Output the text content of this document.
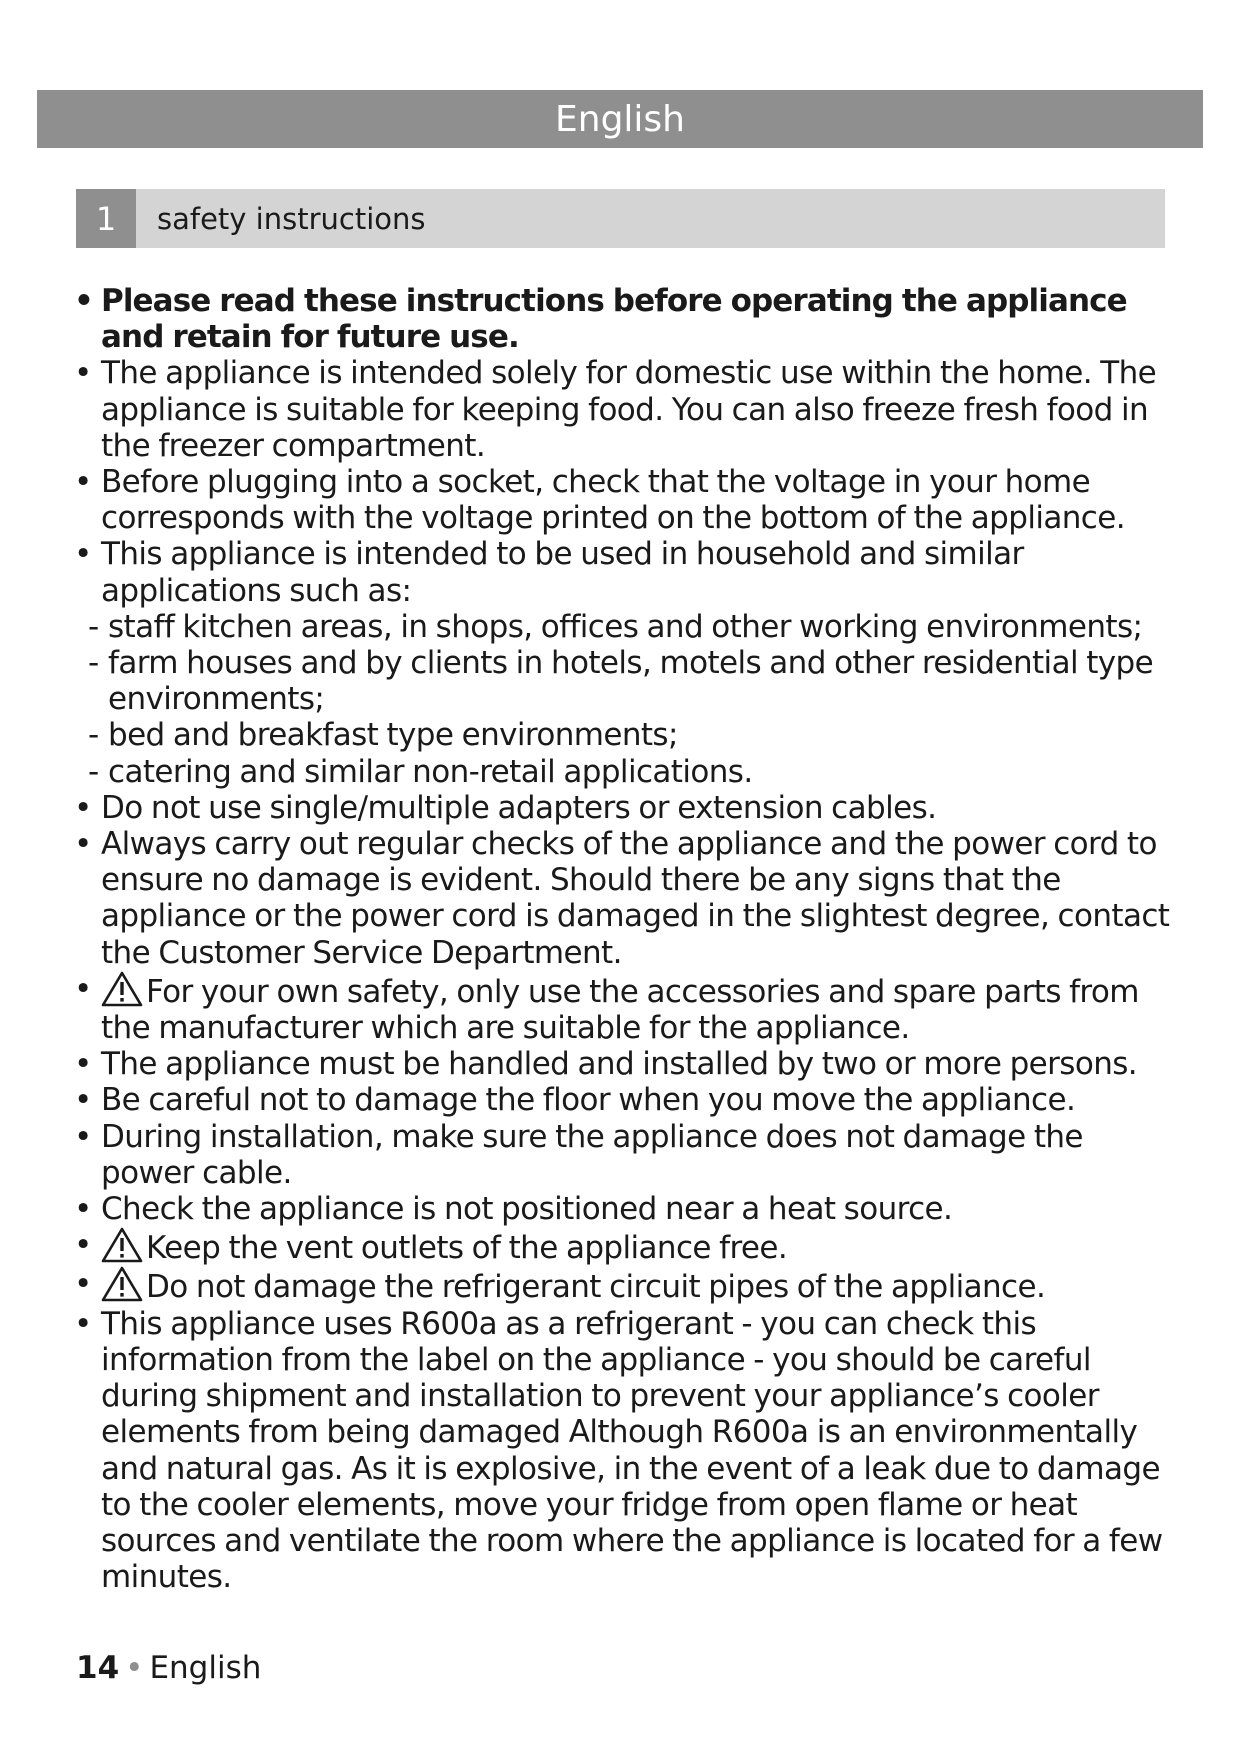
English
1	safety instructions
• Please read these instructions before operating the appliance and retain for future use.
• The appliance is intended solely for domestic use within the home. The appliance is suitable for keeping food. You can also freeze fresh food in the freezer compartment.
• Before plugging into a socket, check that the voltage in your home corresponds with the voltage printed on the bottom of the appliance.
• This appliance is intended to be used in household and similar applications such as:
- staff kitchen areas, in shops, offices and other working environments;
- farm houses and by clients in hotels, motels and other residential type environments;
- bed and breakfast type environments;
- catering and similar non-retail applications.
• Do not use single/multiple adapters or extension cables.
• Always carry out regular checks of the appliance and the power cord to ensure no damage is evident. Should there be any signs that the appliance or the power cord is damaged in the slightest degree, contact the Customer Service Department.
• For your own safety, only use the accessories and spare parts from the manufacturer which are suitable for the appliance.
• The appliance must be handled and installed by two or more persons.
• Be careful not to damage the floor when you move the appliance.
• During installation, make sure the appliance does not damage the power cable.
• Check the appliance is not positioned near a heat source.
• Keep the vent outlets of the appliance free.
• Do not damage the refrigerant circuit pipes of the appliance.
• This appliance uses R600a as a refrigerant - you can check this information from the label on the appliance - you should be careful during shipment and installation to prevent your appliance’s cooler elements from being damaged Although R600a is an environmentally and natural gas. As it is explosive, in the event of a leak due to damage to the cooler elements, move your fridge from open flame or heat sources and ventilate the room where the appliance is located for a few minutes.
14 • English
